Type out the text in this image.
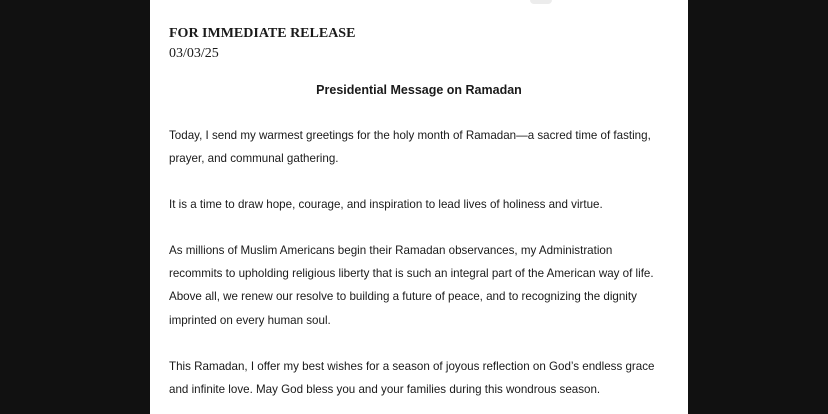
FOR IMMEDIATE RELEASE

03/03/25

Presidential Message on Ramadan

Today, I send my warmest greetings for the holy month of Ramadan—a sacred time of fasting,
prayer, and communal gathering.

It is a time to draw hope, courage, and inspiration to lead lives of holiness and virtue.

As millions of Muslim Americans begin their Ramadan observances, my Administration
recommits to upholding religious liberty that is such an integral part of the American way of life.
Above all, we renew our resolve to building a future of peace, and to recognizing the dignity
imprinted on every human soul.

This Ramadan, I offer my best wishes for a season of joyous reflection on God’s endless grace
and infinite love. May God bless you and your families during this wondrous season.
